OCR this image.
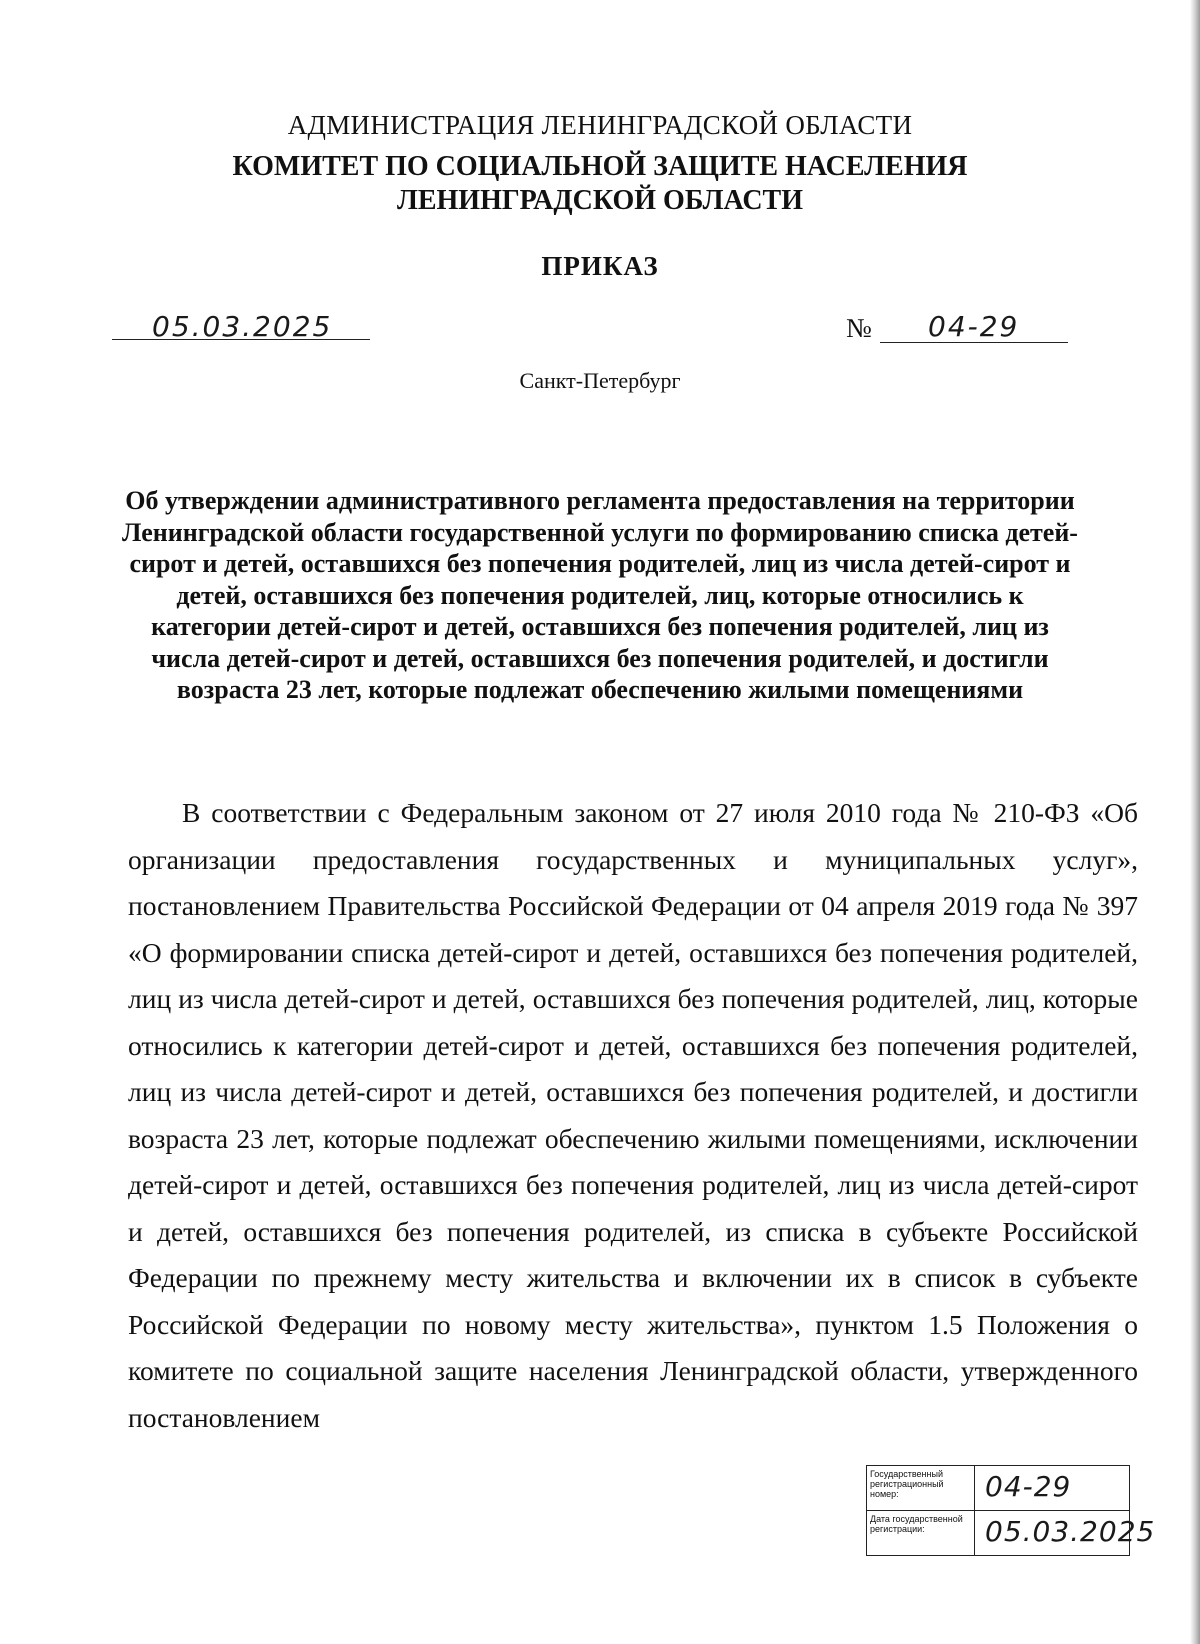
АДМИНИСТРАЦИЯ ЛЕНИНГРАДСКОЙ ОБЛАСТИ
КОМИТЕТ ПО СОЦИАЛЬНОЙ ЗАЩИТЕ НАСЕЛЕНИЯ
ЛЕНИНГРАДСКОЙ ОБЛАСТИ
ПРИКАЗ
05.03.2025	№ 04-29
Санкт-Петербург
Об утверждении административного регламента предоставления на территории Ленинградской области государственной услуги по формированию списка детей-сирот и детей, оставшихся без попечения родителей, лиц из числа детей-сирот и детей, оставшихся без попечения родителей, лиц, которые относились к категории детей-сирот и детей, оставшихся без попечения родителей, лиц из числа детей-сирот и детей, оставшихся без попечения родителей, и достигли возраста 23 лет, которые подлежат обеспечению жилыми помещениями
В соответствии с Федеральным законом от 27 июля 2010 года № 210-ФЗ «Об организации предоставления государственных и муниципальных услуг», постановлением Правительства Российской Федерации от 04 апреля 2019 года № 397 «О формировании списка детей-сирот и детей, оставшихся без попечения родителей, лиц из числа детей-сирот и детей, оставшихся без попечения родителей, лиц, которые относились к категории детей-сирот и детей, оставшихся без попечения родителей, лиц из числа детей-сирот и детей, оставшихся без попечения родителей, и достигли возраста 23 лет, которые подлежат обеспечению жилыми помещениями, исключении детей-сирот и детей, оставшихся без попечения родителей, лиц из числа детей-сирот и детей, оставшихся без попечения родителей, из списка в субъекте Российской Федерации по прежнему месту жительства и включении их в список в субъекте Российской Федерации по новому месту жительства», пунктом 1.5 Положения о комитете по социальной защите населения Ленинградской области, утвержденного постановлением
Государственный регистрационный номер:	04-29
Дата государственной регистрации:	05.03.2025
